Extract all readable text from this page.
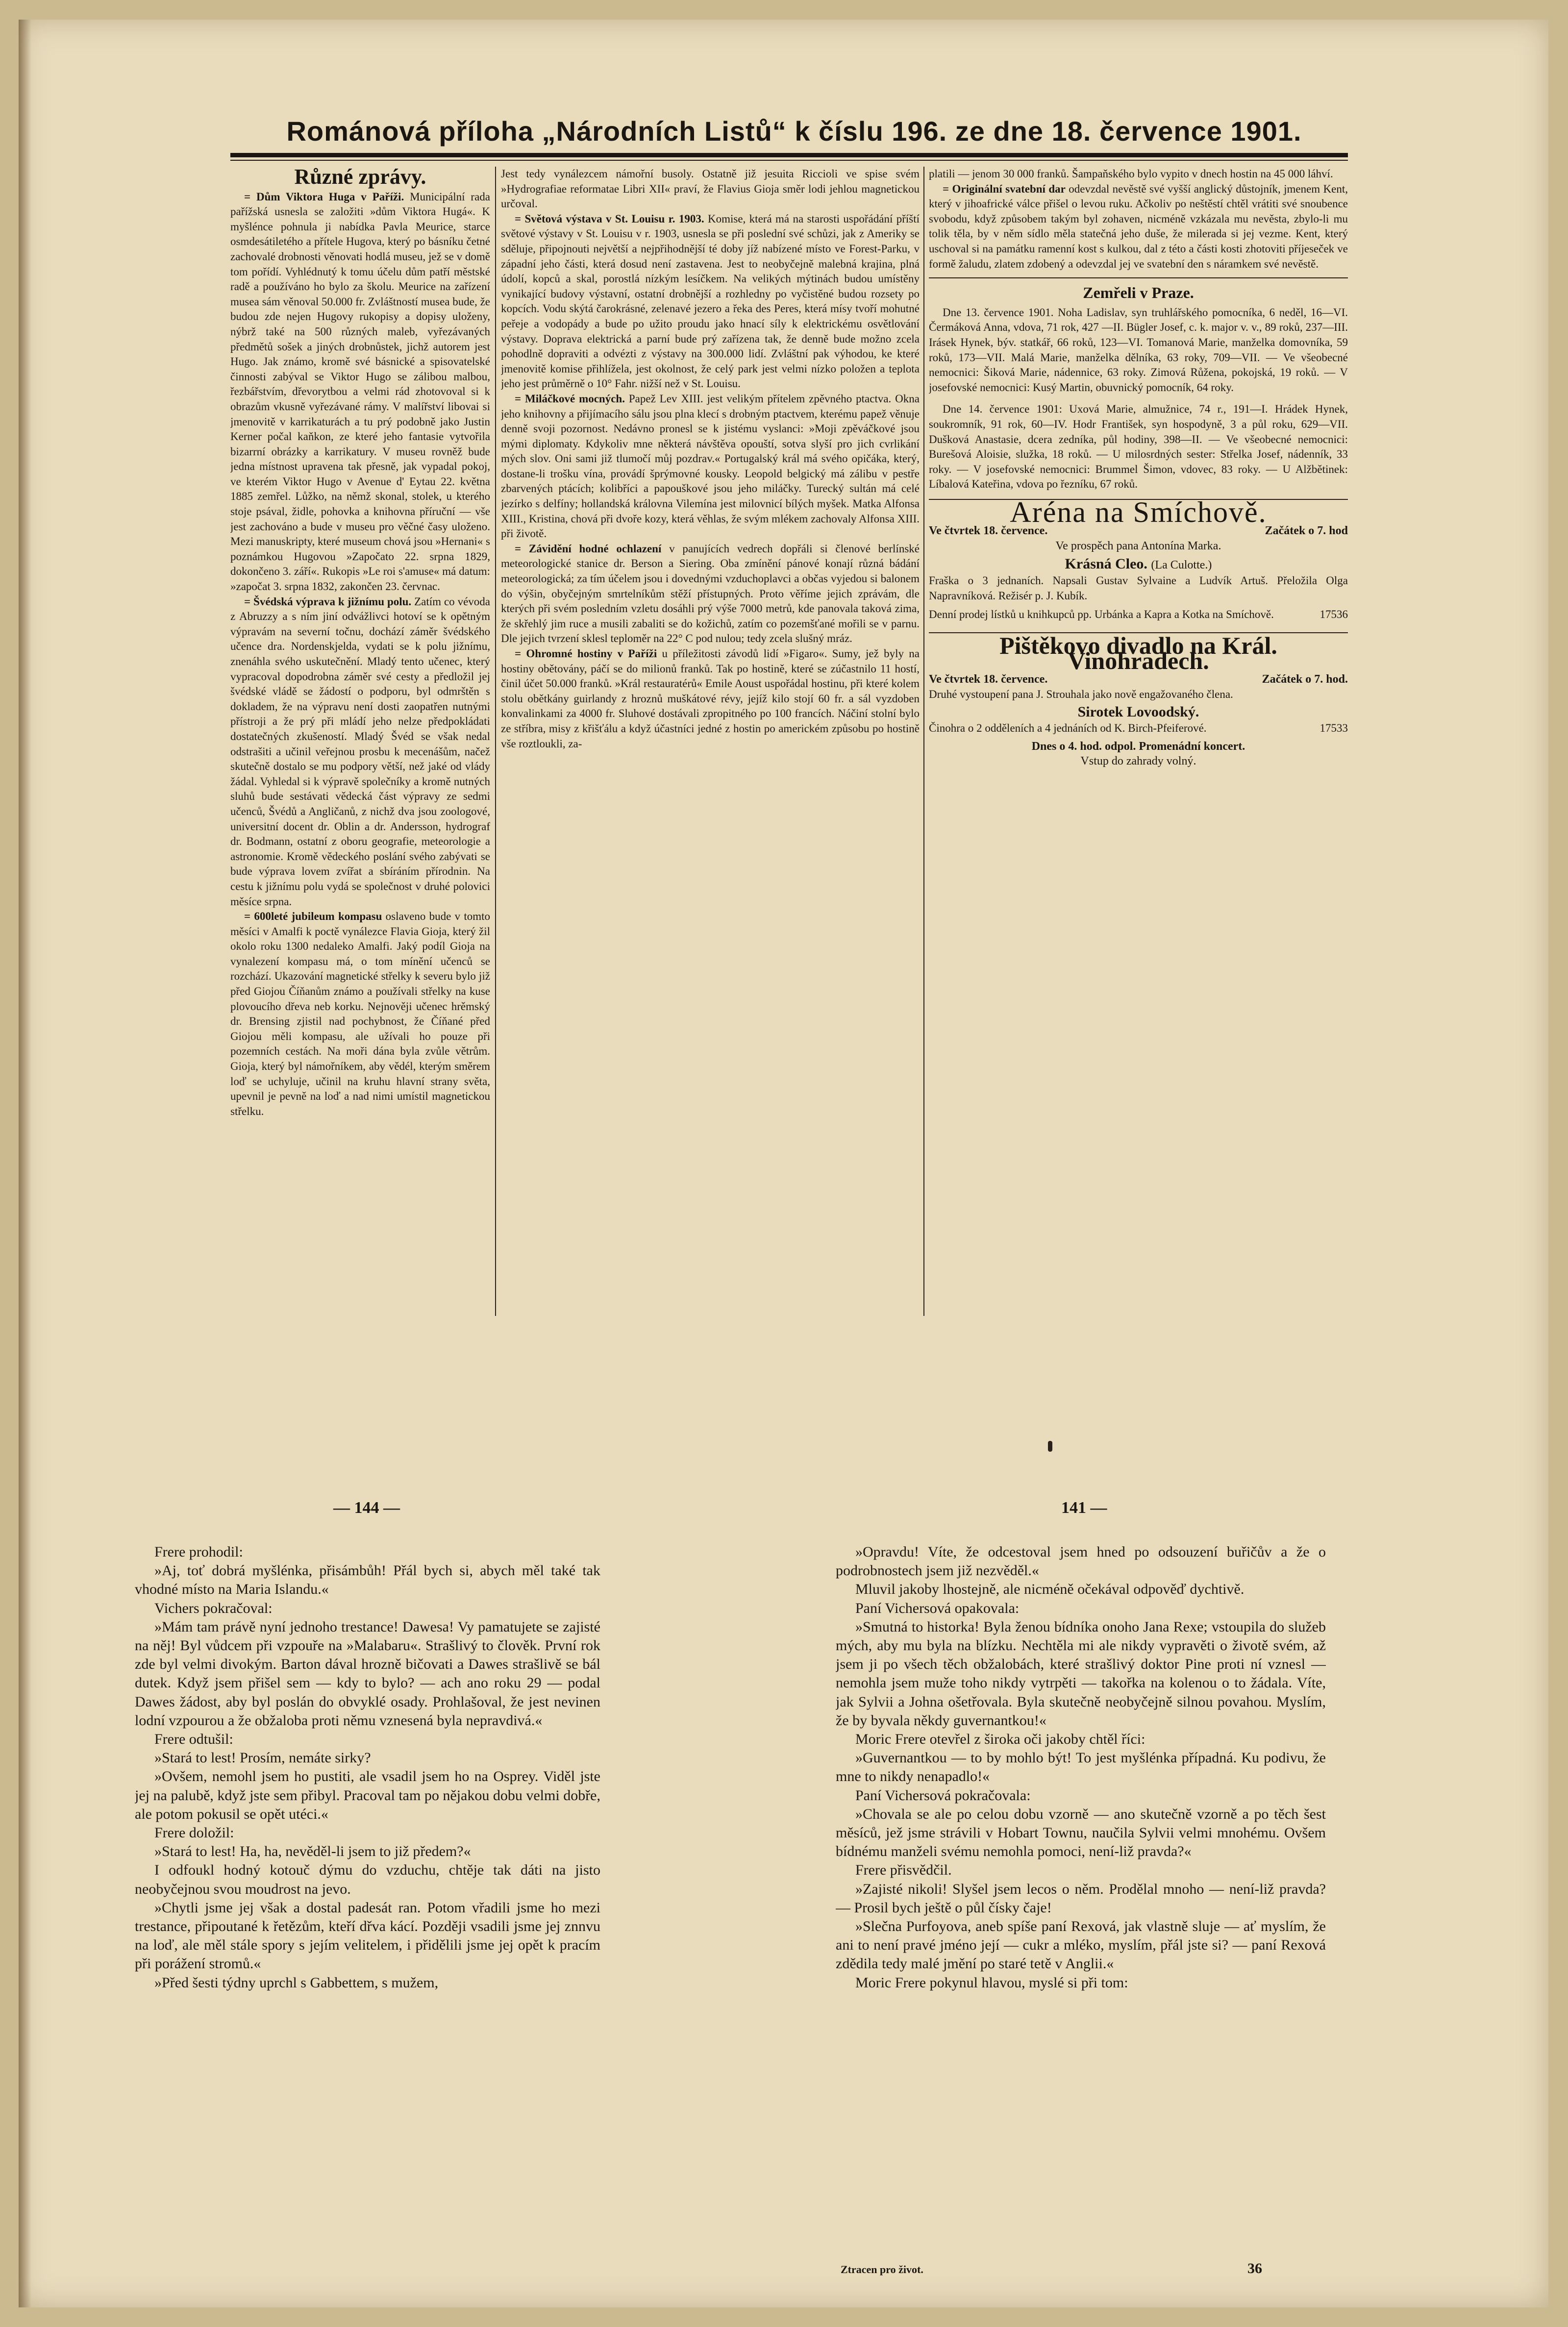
Románová příloha „Národních Listů“ k číslu 196. ze dne 18. července 1901.
Různé zprávy.

= Dům Viktora Huga v Paříži. Municipální rada pařížská usnesla se založiti »dům Viktora Hugá«. K myšlénce pohnula ji nabídka Pavla Meurice, starce osmdesátiletého a přítele Hugova, který po básníku četné zachovalé drobnosti věnovati hodlá museu, jež se v domě tom pořídí. Vyhlédnutý k tomu účelu dům patří městské radě a používáno ho bylo za školu. Meurice na zařízení musea sám věnoval 50.000 fr. Zvláštností musea bude, že budou zde nejen Hugovy rukopisy a dopisy uloženy, nýbrž také na 500 různých maleb, vyřezávaných předmětů sošek a jiných drobnůstek, jichž autorem jest Hugo. Jak známo, kromě své básnické a spisovatelské činnosti zabýval se Viktor Hugo se zálibou malbou, řezbářstvím, dřevorytbou a velmi rád zhotovoval si k obrazům vkusně vyřezávané rámy. V malířství libovai si jmenovitě v karrikaturách a tu prý podobně jako Justin Kerner počal kaňkon, ze které jeho fantasie vytvořila bizarrní obrázky a karrikatury. V museu rovněž bude jedna místnost upravena tak přesně, jak vypadal pokoj, ve kterém Viktor Hugo v Avenue d' Eytau 22. května 1885 zemřel. Lůžko, na němž skonal, stolek, u kterého stoje psával, židle, pohovka a knihovna příruční — vše jest zachováno a bude v museu pro věčné časy uloženo. Mezi manuskripty, které museum chová jsou »Hernani« s poznámkou Hugovou »Započato 22. srpna 1829, dokončeno 3. září«. Rukopis »Le roi s'amuse« má datum: »započat 3. srpna 1832, zakončen 23. červnac.

= Švédská výprava k jižnímu polu. Zatím co vévoda z Abruzzy a s ním jiní odvážlivci hotoví se k opětným výpravám na severní točnu, dochází záměr švédského učence dra. Nordenskjelda, vydati se k polu jižnímu, znenáhla svého uskutečnění. Mladý tento učenec, který vypracoval dopodrobna záměr své cesty a předložil jej švédské vládě se žádostí o podporu, byl odmrštěn s dokladem, že na výpravu není dosti zaopatřen nutnými přístroji a že prý při mládí jeho nelze předpokládati dostatečných zkušeností. Mladý Švéd se však nedal odstrašiti a učinil veřejnou prosbu k mecenášům, načež skutečně dostalo se mu podpory větší, než jaké od vlády žádal. Vyhledal si k výpravě společníky a kromě nutných sluhů bude sestávati vědecká část výpravy ze sedmi učenců, Švédů a Angličanů, z nichž dva jsou zoologové, universitní docent dr. Oblin a dr. Andersson, hydrograf dr. Bodmann, ostatní z oboru geografie, meteorologie a astronomie. Kromě vědeckého poslání svého zabývati se bude výprava lovem zvířat a sbíráním přírodnin. Na cestu k jižnímu polu vydá se společnost v druhé polovici měsíce srpna.

= 600leté jubileum kompasu oslaveno bude v tomto měsíci v Amalfi k poctě vynálezce Flavia Gioja, který žil okolo roku 1300 nedaleko Amalfi. Jaký podíl Gioja na vynalezení kompasu má, o tom mínění učenců se rozchází. Ukazování magnetické střelky k severu bylo již před Giojou Číňanům známo a používali střelky na kuse plovoucího dřeva neb korku. Nejnověji učenec hrěmský dr. Brensing zjistil nad pochybnost, že Číňané před Giojou měli kompasu, ale užívali ho pouze při pozemních cestách. Na moři dána byla zvůle větrům. Gioja, který byl námořníkem, aby vědél, kterým směrem loď se uchyluje, učinil na kruhu hlavní strany světa, upevnil je pevně na loď a nad nimi umístil magnetickou střelku.

Jest tedy vynálezcem námořní busoly. Ostatně již jesuita Riccioli ve spise svém »Hydrografiae reformatae Libri XII« praví, že Flavius Gioja směr lodi jehlou magnetickou určoval.

= Světová výstava v St. Louisu r. 1903. Komise, která má na starosti uspořádání příští světové výstavy v St. Louisu v r. 1903, usnesla se při poslední své schůzi, jak z Ameriky se sděluje, připojnouti největší a nejpřihodnější té doby jíž nabízené místo ve Forest-Parku, v západní jeho části, která dosud není zastavena. Jest to neobyčejně malebná krajina, plná údolí, kopců a skal, porostlá nízkým lesíčkem. Na velikých mýtinách budou umístěny vynikající budovy výstavní, ostatní drobnější a rozhledny po vyčistěné budou rozsety po kopcích. Vodu skýtá čarokrásné, zelenavé jezero a řeka des Peres, která mísy tvoří mohutné peřeje a vodopády a bude po užito proudu jako hnací síly k elektrickému osvětlování výstavy. Doprava elektrická a parní bude prý zařízena tak, že denně bude možno zcela pohodlně dopraviti a odvézti z výstavy na 300.000 lidí. Zvláštní pak výhodou, ke které jmenovitě komise přihlížela, jest okolnost, že celý park jest velmi nízko položen a teplota jeho jest průměrně o 10° Fahr. nižší než v St. Louisu.

= Miláčkové mocných. Papež Lev XIII. jest velikým přítelem zpěvného ptactva. Okna jeho knihovny a přijímacího sálu jsou plna klecí s drobným ptactvem, kterému papež věnuje denně svoji pozornost. Nedávno pronesl se k jistému vyslanci: »Moji zpěváčkové jsou mými diplomaty. Kdykoliv mne některá návštěva opouští, sotva slyší pro jich cvrlikání mých slov. Oni sami již tlumočí můj pozdrav.« Portugalský král má svého opičáka, který, dostane-li trošku vína, provádí šprýmovné kousky. Leopold belgický má zálibu v pestře zbarvených ptácích; kolibříci a papouškové jsou jeho miláčky. Turecký sultán má celé jezírko s delfíny; hollandská královna Vilemína jest milovnicí bílých myšek. Matka Alfonsa XIII., Kristina, chová při dvoře kozy, která věhlas, že svým mlékem zachovaly Alfonsa XIII. při životě.

= Závidění hodné ochlazení v panujících vedrech dopřáli si členové berlínské meteorologické stanice dr. Berson a Siering. Oba zmínění pánové konají různá bádání meteorologická; za tím účelem jsou i dovednými vzduchoplavci a občas vyjedou si balonem do výšin, obyčejným smrtelníkům stěží přístupných. Proto věříme jejich zprávám, dle kterých při svém posledním vzletu dosáhli prý výše 7000 metrů, kde panovala taková zima, že skřehlý jim ruce a musili zabaliti se do kožichů, zatím co pozemšťané mořili se v parnu. Dle jejich tvrzení sklesl teploměr na 22° C pod nulou; tedy zcela slušný mráz.

= Ohromné hostiny v Paříži u příležitosti závodů lidí »Figaro«. Sumy, jež byly na hostiny obětovány, páčí se do milionů franků. Tak po hostině, které se zúčastnilo 11 hostí, činil účet 50.000 franků. »Král restauratérů« Emile Aoust uspořádal hostinu, při které kolem stolu obětkány guirlandy z hroznů muškátové révy, jejíž kilo stojí 60 fr. a sál vyzdoben konvalinkami za 4000 fr. Sluhové dostávali zpropitného po 100 francích. Náčiní stolní bylo ze stříbra, misy z křišťálu a když účastníci jedné z hostin po americkém způsobu po hostině vše roztloukli, za-

platili — jenom 30 000 franků. Šampaňského bylo vypito v dnech hostin na 45 000 láhví.

= Originální svatební dar odevzdal nevěstě své vyšší anglický důstojník, jmenem Kent, který v jihoafrické válce přišel o levou ruku. Ačkoliv po neštěstí chtěl vrátiti své snoubence svobodu, když způsobem takým byl zohaven, nicméně vzkázala mu nevěsta, zbylo-li mu tolik těla, by v něm sídlo měla statečná jeho duše, že milerada si jej vezme. Kent, který uschoval si na památku ramenní kost s kulkou, dal z této a části kosti zhotoviti příjeseček ve formě žaludu, zlatem zdobený a odevzdal jej ve svatební den s náramkem své nevěstě.

Zemřeli v Praze.

Dne 13. července 1901. Noha Ladislav, syn truhlářského pomocníka, 6 neděl, 16—VI. Čermáková Anna, vdova, 71 rok, 427 —II. Bügler Josef, c. k. major v. v., 89 roků, 237—III. Irásek Hynek, býv. statkář, 66 roků, 123—VI. Tomanová Marie, manželka domovníka, 59 roků, 173—VII. Malá Marie, manželka dělníka, 63 roky, 709—VII. — Ve všeobecné nemocnici: Šiková Marie, nádennice, 63 roky. Zimová Růžena, pokojská, 19 roků. — V josefovské nemocnici: Kusý Martin, obuvnický pomocník, 64 roky.

Dne 14. července 1901: Uxová Marie, almužnice, 74 r., 191—I. Hrádek Hynek, soukromník, 91 rok, 60—IV. Hodr František, syn hospodyně, 3 a půl roku, 629—VII. Dušková Anastasie, dcera zedníka, půl hodiny, 398—II. — Ve všeobecné nemocnici: Burešová Aloisie, služka, 18 roků. — U milosrdných sester: Střelka Josef, nádenník, 33 roky. — V josefovské nemocnici: Brummel Šimon, vdovec, 83 roky. — U Alžbětinek: Líbalová Kateřina, vdova po řezníku, 67 roků.

Aréna na Smíchově.
Ve čtvrtek 18. července.	Začátek o 7. hod
Ve prospěch pana Antonína Marka.
Krásná Cleo. (La Culotte.)

Fraška o 3 jednaních. Napsali Gustav Sylvaine a Ludvík Artuš. Přeložila Olga Napravníková. Režisér p. J. Kubík.

Denní prodej lístků u knihkupců pp. Urbánka a Kapra a Kotka na Smíchově.	17536

Pištěkovo divadlo na Král. Vinohradech.
Ve čtvrtek 18. července.	Začátek o 7. hod.

Druhé vystoupení pana J. Strouhala jako nově engažovaného člena.

Sirotek Lovoodský.

Činohra o 2 odděleních a 4 jednáních od K. Birch-Pfeiferové.	17533

Dnes o 4. hod. odpol. Promenádní koncert.
Vstup do zahrady volný.
— 144 —	141 —

Frere prohodil:

»Aj, toť dobrá myšlénka, přisámbůh! Přál bych si, abych měl také tak vhodné místo na Maria Islandu.«

Vichers pokračoval:

»Mám tam právě nyní jednoho trestance! Dawesa! Vy pamatujete se zajisté na něj! Byl vůdcem při vzpouře na »Malabaru«. Strašlivý to člověk. První rok zde byl velmi divokým. Barton dával hrozně bičovati a Dawes strašlivě se bál dutek. Když jsem přišel sem — kdy to bylo? — ach ano roku 29 — podal Dawes žádost, aby byl poslán do obvyklé osady. Prohlašoval, že jest nevinen lodní vzpourou a že obžaloba proti němu vznesená byla nepravdivá.«

Frere odtušil:

»Stará to lest! Prosím, nemáte sirky?

»Ovšem, nemohl jsem ho pustiti, ale vsadil jsem ho na Osprey. Viděl jste jej na palubě, když jste sem přibyl. Pracoval tam po nějakou dobu velmi dobře, ale potom pokusil se opět utéci.«

Frere doložil:

»Stará to lest! Ha, ha, nevěděl-li jsem to již předem?«

I odfoukl hodný kotouč dýmu do vzduchu, chtěje tak dáti na jisto neobyčejnou svou moudrost na jevo.

»Chytli jsme jej však a dostal padesát ran. Potom vřadili jsme ho mezi trestance, připoutané k řetězům, kteří dřva kácí. Později vsadili jsme jej znnvu na loď, ale měl stále spory s jejím velitelem, i přidělili jsme jej opět k pracím při porážení stromů.«

»Před šesti týdny uprchl s Gabbettem, s mužem,

»Opravdu! Víte, že odcestoval jsem hned po odsouzení buřičův a že o podrobnostech jsem již nezvěděl.«

Mluvil jakoby lhostejně, ale nicméně očekával odpověď dychtivě.

Paní Vichersová opakovala:

»Smutná to historka! Byla ženou bídníka onoho Jana Rexe; vstoupila do služeb mých, aby mu byla na blízku. Nechtěla mi ale nikdy vypravěti o životě svém, až jsem ji po všech těch obžalobách, které strašlivý doktor Pine proti ní vznesl — nemohla jsem muže toho nikdy vytrpěti — takořka na kolenou o to žádala. Víte, jak Sylvii a Johna ošetřovala. Byla skutečně neobyčejně silnou povahou. Myslím, že by byvala někdy guvernantkou!«

Moric Frere otevřel z široka oči jakoby chtěl říci:

»Guvernantkou — to by mohlo být! To jest myšlénka případná. Ku podivu, že mne to nikdy nenapadlo!«

Paní Vichersová pokračovala:

»Chovala se ale po celou dobu vzorně — ano skutečně vzorně a po těch šest měsíců, jež jsme strávili v Hobart Townu, naučila Sylvii velmi mnohému. Ovšem bídnému manželi svému nemohla pomoci, není-liž pravda?«

Frere přisvědčil.

»Zajisté nikoli! Slyšel jsem lecos o něm. Prodělal mnoho — není-liž pravda? — Prosil bych ještě o půl čísky čaje!

»Slečna Purfoyova, aneb spíše paní Rexová, jak vlastně sluje — ať myslím, že ani to není pravé jméno její — cukr a mléko, myslím, přál jste si? — paní Rexová zdědila tedy malé jmění po staré tetě v Anglii.«

Moric Frere pokynul hlavou, myslé si při tom:

Ztracen pro život.	36
